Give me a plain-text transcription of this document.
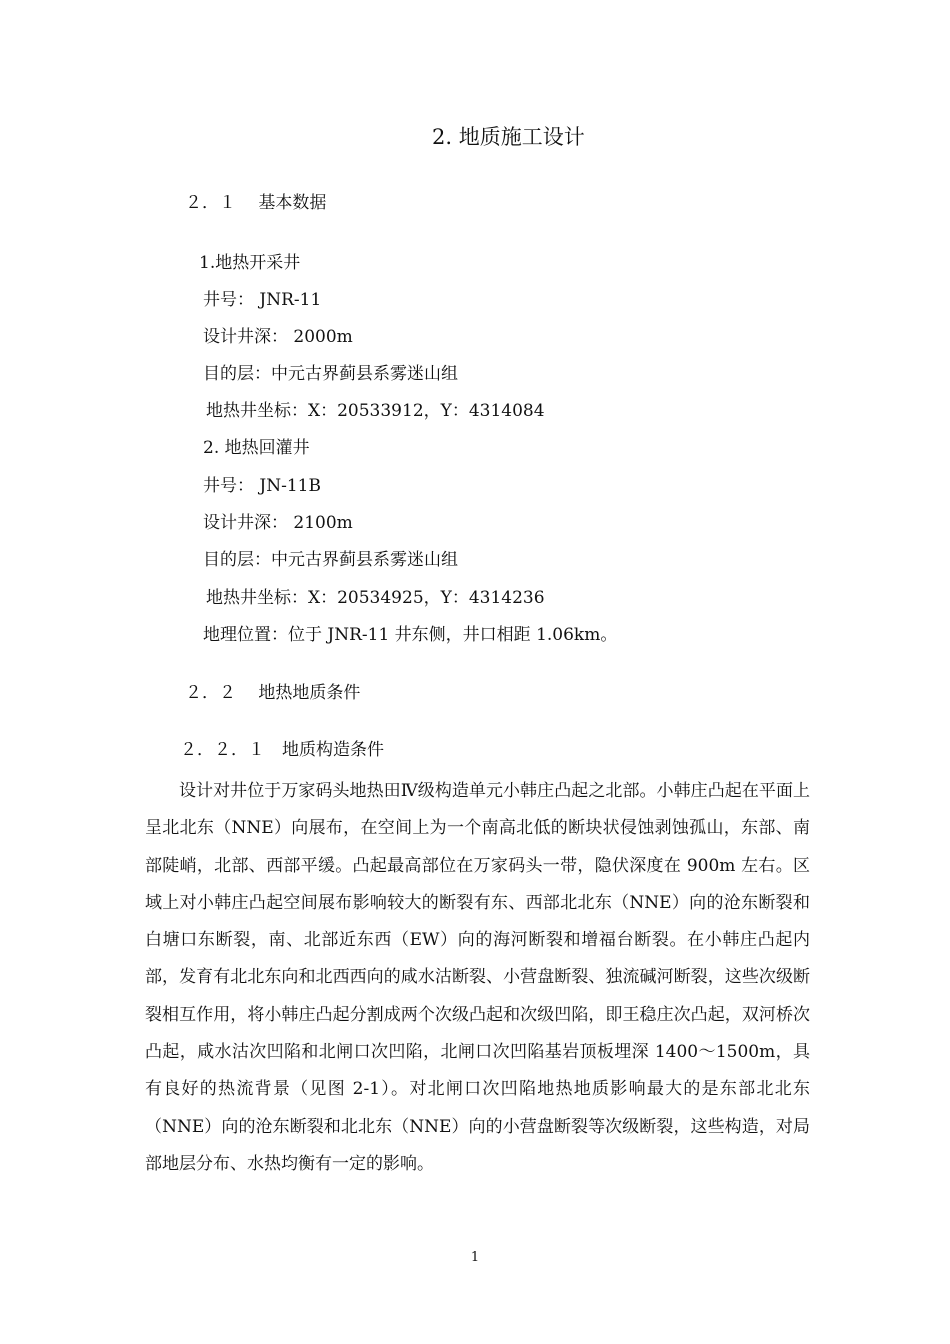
2. 地质施工设计
２．１　 基本数据
1.地热开采井
井号： JNR-11
设计井深： 2000m
目的层：中元古界蓟县系雾迷山组
地热井坐标：X：20533912，Y：4314084
2. 地热回灌井
井号： JN-11B
设计井深： 2100m
目的层：中元古界蓟县系雾迷山组
地热井坐标：X：20534925，Y：4314236
地理位置：位于 JNR-11 井东侧，井口相距 1.06km。
２．２　 地热地质条件
２．２．１　地质构造条件
设计对井位于万家码头地热田Ⅳ级构造单元小韩庄凸起之北部。小韩庄凸起在平面上呈北北东（NNE）向展布，在空间上为一个南高北低的断块状侵蚀剥蚀孤山，东部、南部陡峭，北部、西部平缓。凸起最高部位在万家码头一带，隐伏深度在 900m 左右。区域上对小韩庄凸起空间展布影响较大的断裂有东、西部北北东（NNE）向的沧东断裂和白塘口东断裂，南、北部近东西（EW）向的海河断裂和增福台断裂。在小韩庄凸起内部，发育有北北东向和北西西向的咸水沽断裂、小营盘断裂、独流碱河断裂，这些次级断裂相互作用，将小韩庄凸起分割成两个次级凸起和次级凹陷，即王稳庄次凸起，双河桥次凸起，咸水沽次凹陷和北闸口次凹陷，北闸口次凹陷基岩顶板埋深 1400～1500m，具有良好的热流背景（见图 2-1）。对北闸口次凹陷地热地质影响最大的是东部北北东（NNE）向的沧东断裂和北北东（NNE）向的小营盘断裂等次级断裂，这些构造，对局部地层分布、水热均衡有一定的影响。
1
